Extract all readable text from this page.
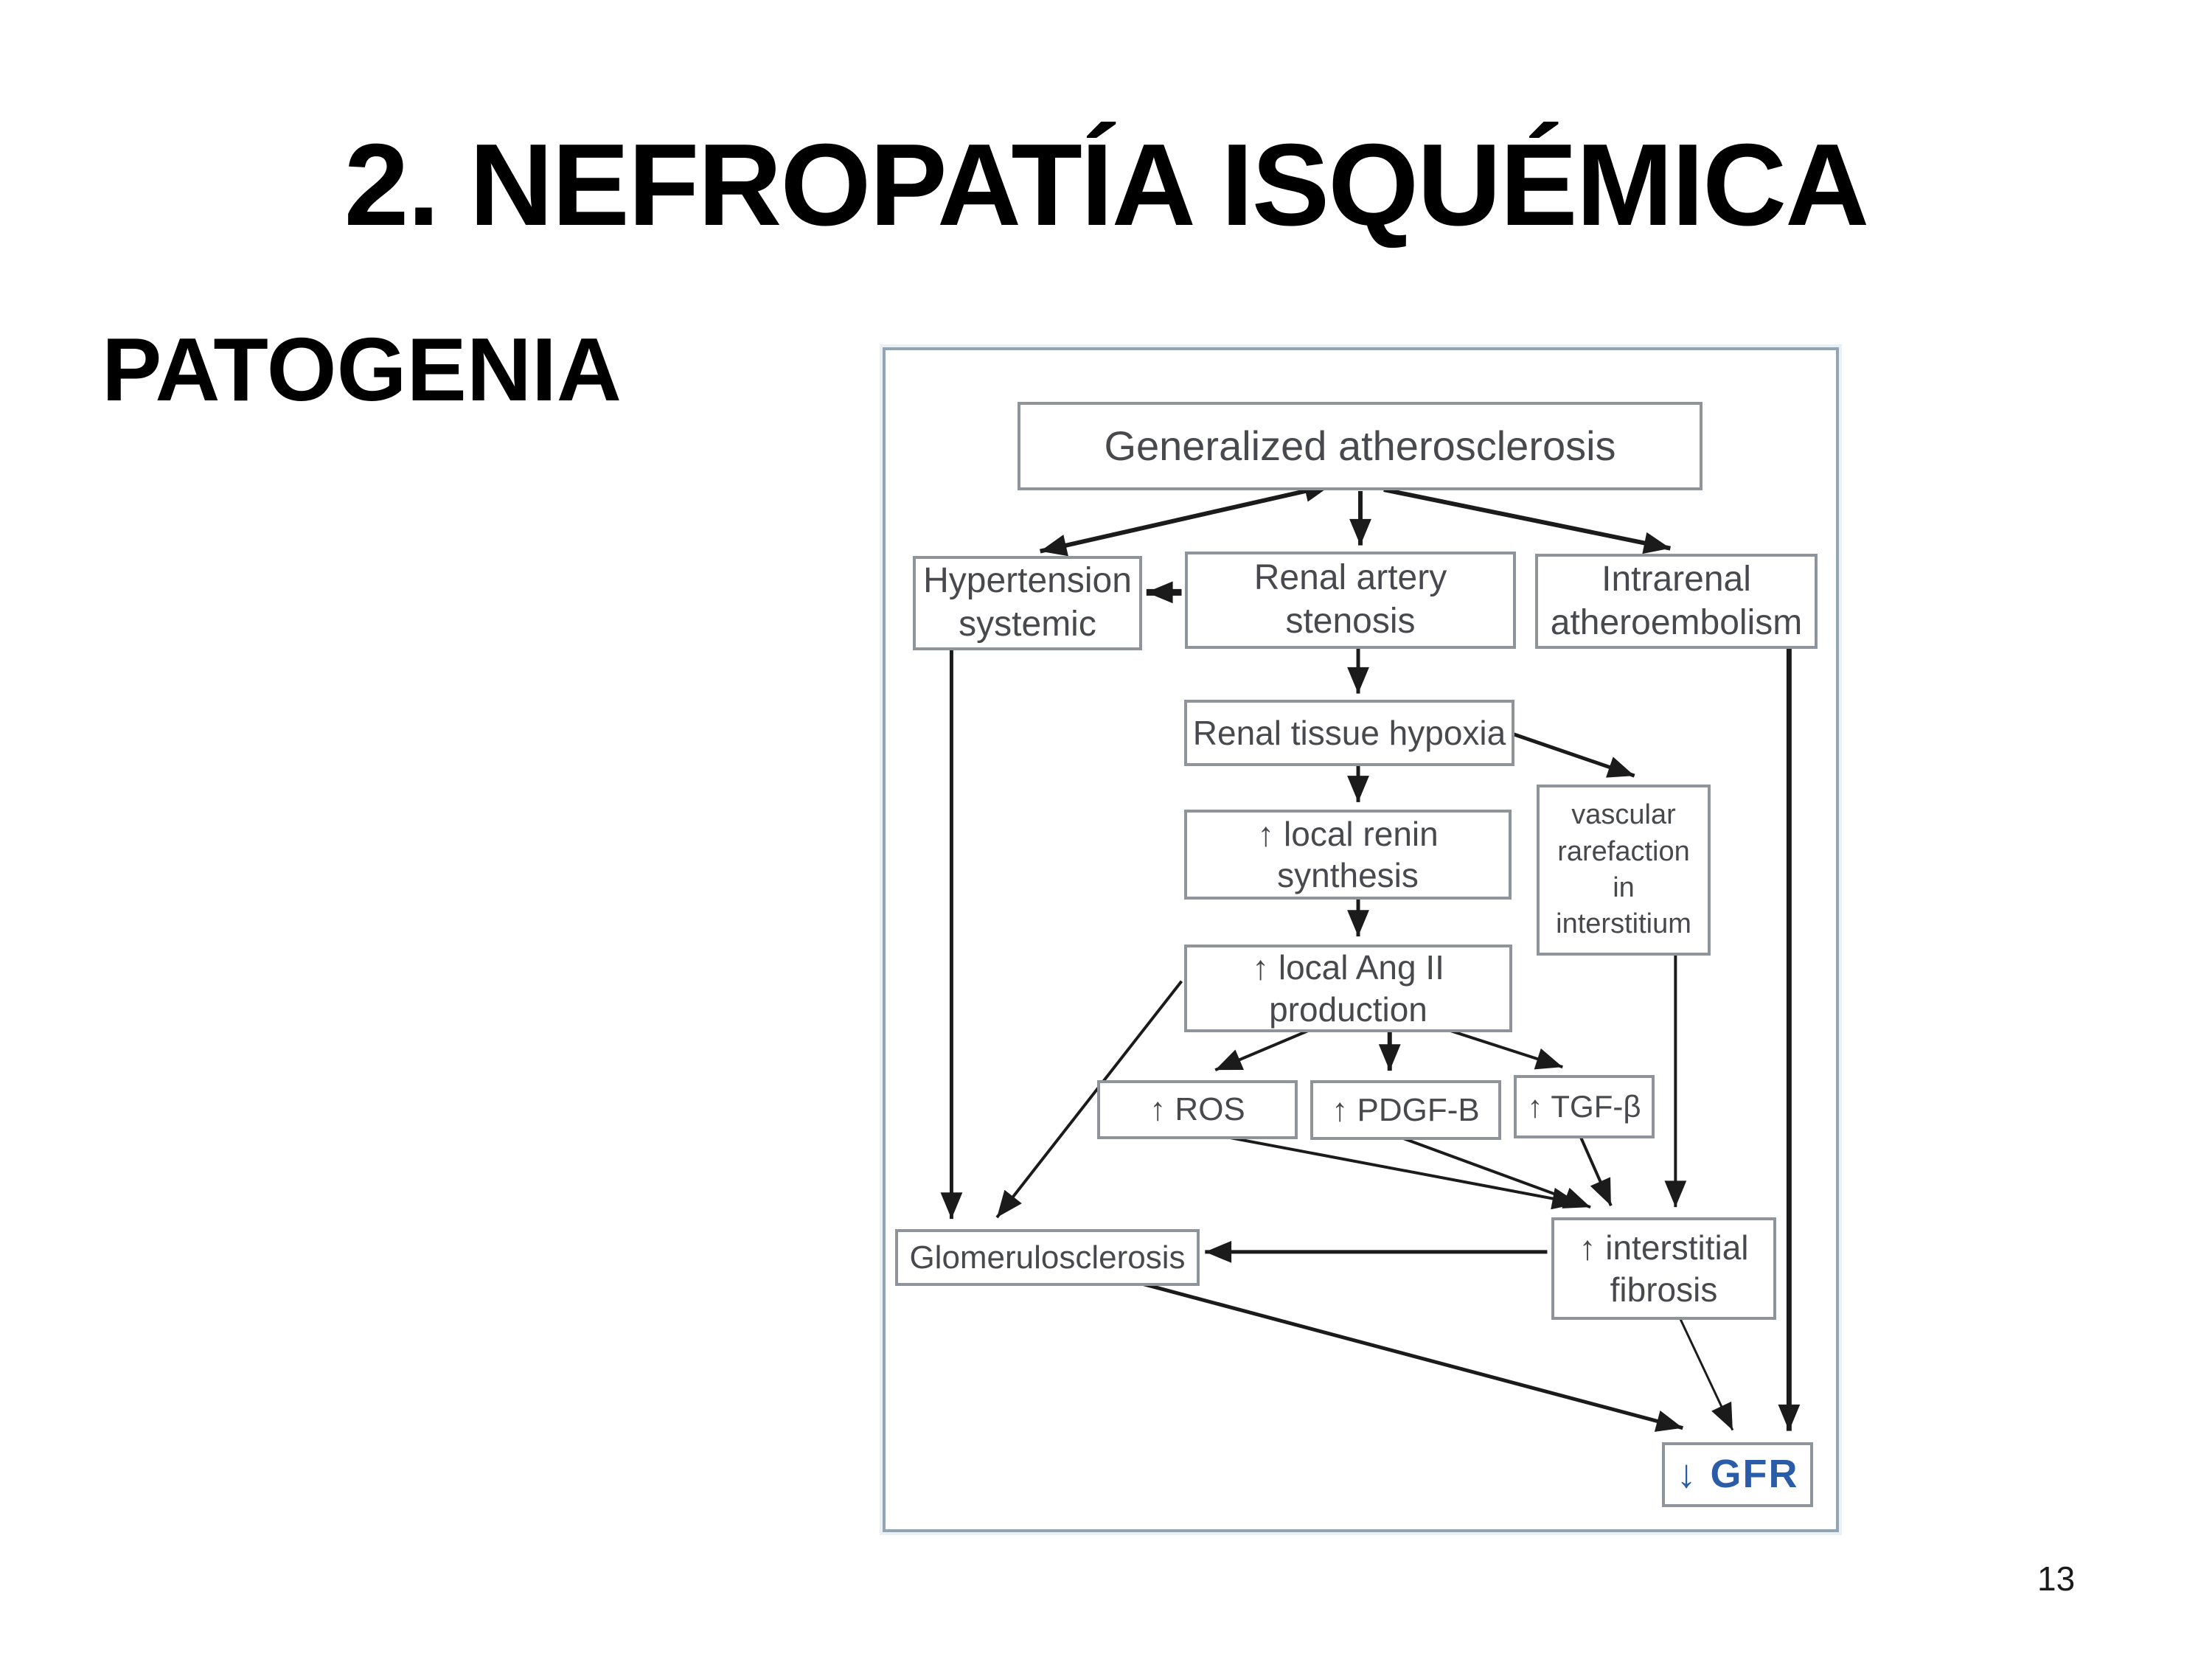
2. NEFROPATÍA ISQUÉMICA
PATOGENIA
Generalized atherosclerosis
Hypertension
systemic
Renal artery
stenosis
Intrarenal
atheroembolism
Renal tissue hypoxia
↑ local renin
synthesis
vascular
rarefaction
in
interstitium
↑ local Ang II
production
↑ ROS	↑ PDGF-B ↑ TGF-β
Glomerulosclerosis	↑ interstitial
fibrosis
↓ GFR
13
